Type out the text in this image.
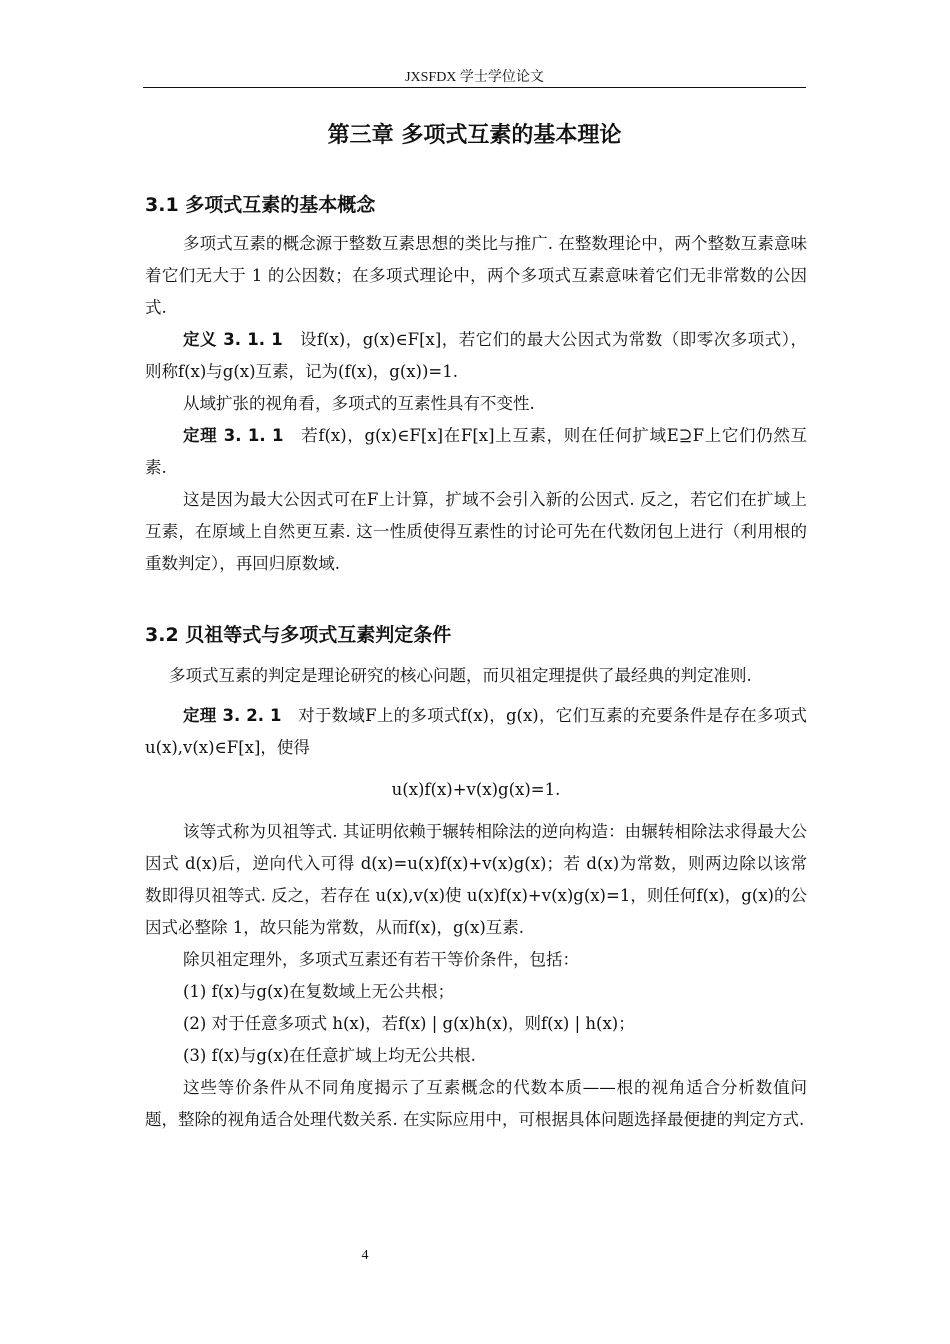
JXSFDX 学士学位论文
第三章 多项式互素的基本理论
3.1 多项式互素的基本概念

多项式互素的概念源于整数互素思想的类比与推广. 在整数理论中，两个整数互素意味着它们无大于 1 的公因数；在多项式理论中，两个多项式互素意味着它们无非常数的公因式.

定义 3. 1. 1 设f(x)，g(x)∈F[x]，若它们的最大公因式为常数（即零次多项式），则称f(x)与g(x)互素，记为(f(x)，g(x))=1.

从域扩张的视角看，多项式的互素性具有不变性.

定理 3. 1. 1 若f(x)，g(x)∈F[x]在F[x]上互素，则在任何扩域E⊇F上它们仍然互素.

这是因为最大公因式可在F上计算，扩域不会引入新的公因式. 反之，若它们在扩域上互素，在原域上自然更互素. 这一性质使得互素性的讨论可先在代数闭包上进行（利用根的重数判定），再回归原数域.

3.2 贝祖等式与多项式互素判定条件

多项式互素的判定是理论研究的核心问题，而贝祖定理提供了最经典的判定准则.

定理 3. 2. 1 对于数域F上的多项式f(x)，g(x)，它们互素的充要条件是存在多项式 u(x),v(x)∈F[x]，使得

u(x)f(x)+v(x)g(x)=1.

该等式称为贝祖等式. 其证明依赖于辗转相除法的逆向构造：由辗转相除法求得最大公因式 d(x)后，逆向代入可得 d(x)=u(x)f(x)+v(x)g(x)；若 d(x)为常数，则两边除以该常数即得贝祖等式. 反之，若存在 u(x),v(x)使 u(x)f(x)+v(x)g(x)=1，则任何f(x)，g(x)的公因式必整除 1，故只能为常数，从而f(x)，g(x)互素.

除贝祖定理外，多项式互素还有若干等价条件，包括：

(1) f(x)与g(x)在复数域上无公共根；

(2) 对于任意多项式 h(x)，若f(x) | g(x)h(x)，则f(x) | h(x)；

(3) f(x)与g(x)在任意扩域上均无公共根.

这些等价条件从不同角度揭示了互素概念的代数本质——根的视角适合分析数值问题，整除的视角适合处理代数关系. 在实际应用中，可根据具体问题选择最便捷的判定方式.

4
